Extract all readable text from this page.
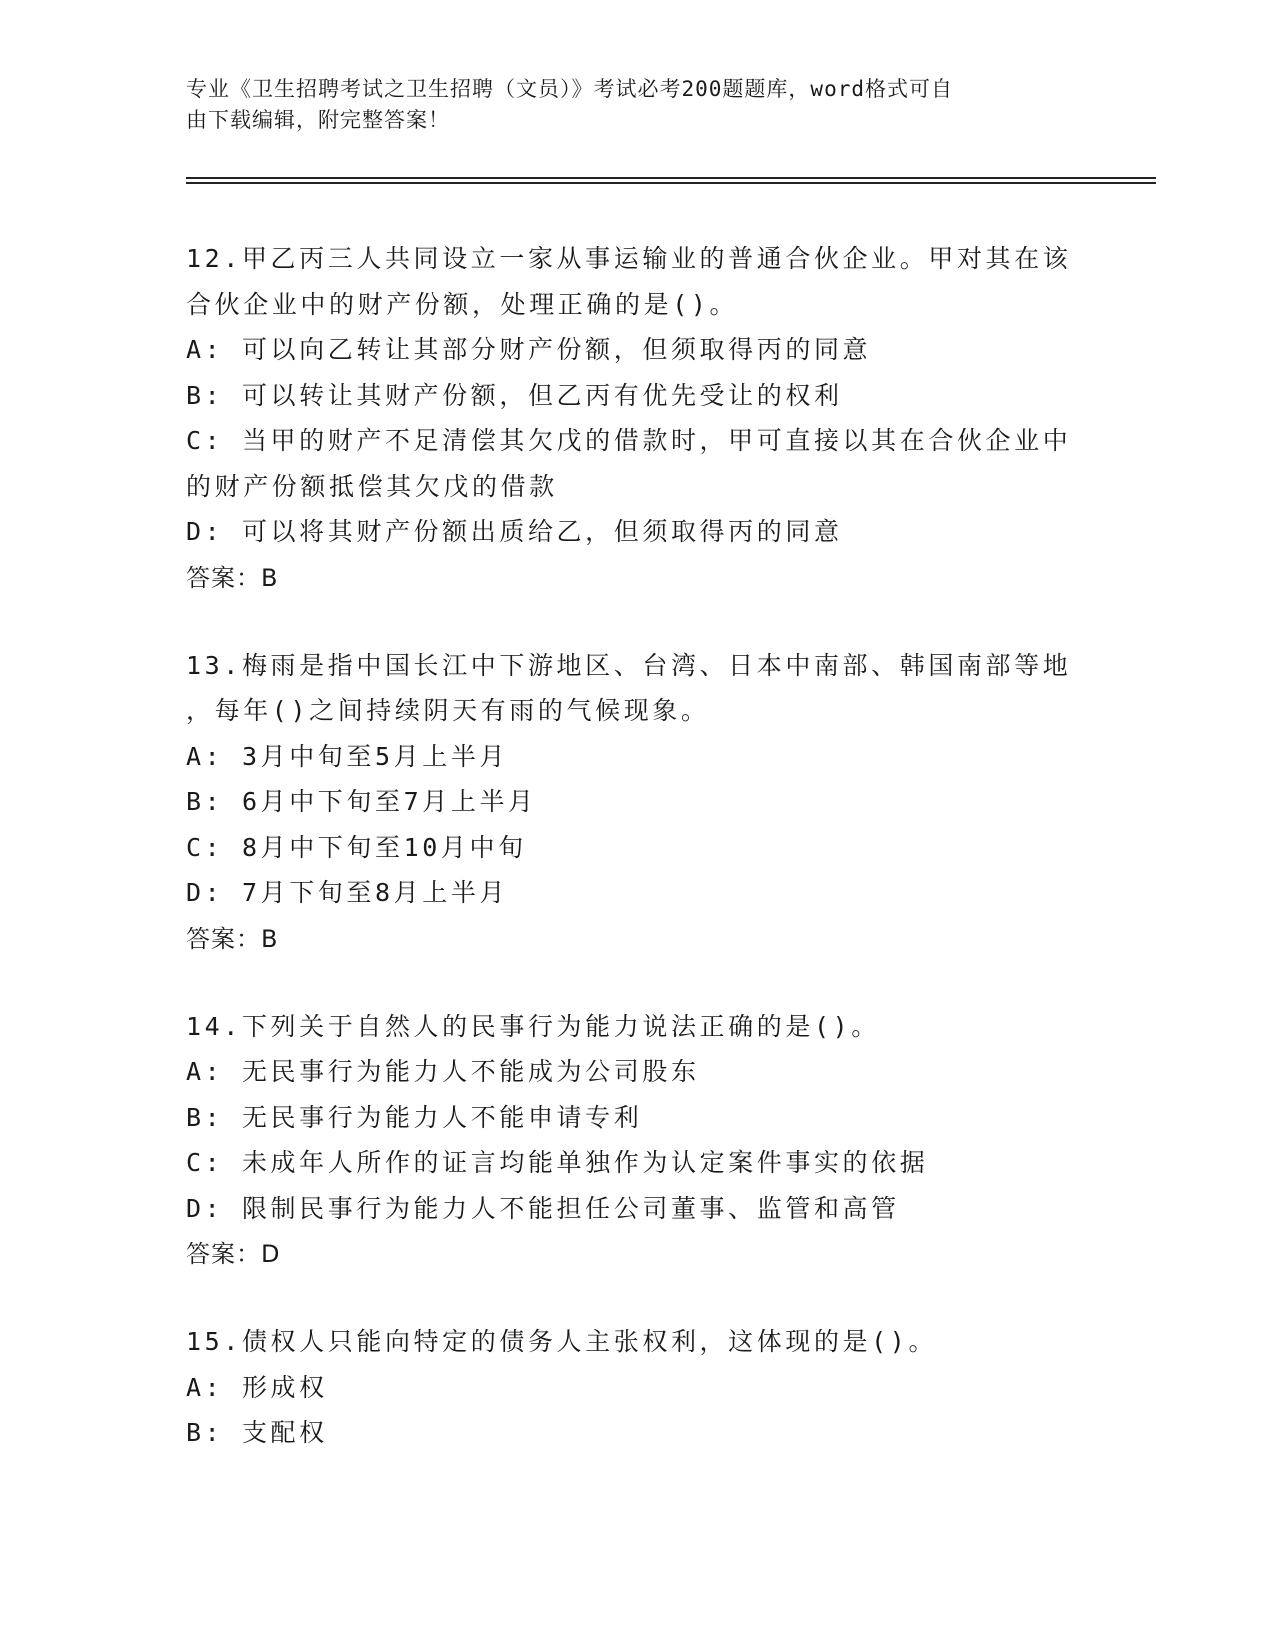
专业《卫生招聘考试之卫生招聘（文员）》考试必考200题题库，word格式可自
由下载编辑，附完整答案！
12.甲乙丙三人共同设立一家从事运输业的普通合伙企业。甲对其在该
合伙企业中的财产份额，处理正确的是()。
A: 可以向乙转让其部分财产份额，但须取得丙的同意
B: 可以转让其财产份额，但乙丙有优先受让的权利
C: 当甲的财产不足清偿其欠戊的借款时，甲可直接以其在合伙企业中
的财产份额抵偿其欠戊的借款
D: 可以将其财产份额出质给乙，但须取得丙的同意
答案：B
13.梅雨是指中国长江中下游地区、台湾、日本中南部、韩国南部等地
，每年()之间持续阴天有雨的气候现象。
A: 3月中旬至5月上半月
B: 6月中下旬至7月上半月
C: 8月中下旬至10月中旬
D: 7月下旬至8月上半月
答案：B
14.下列关于自然人的民事行为能力说法正确的是()。
A: 无民事行为能力人不能成为公司股东
B: 无民事行为能力人不能申请专利
C: 未成年人所作的证言均能单独作为认定案件事实的依据
D: 限制民事行为能力人不能担任公司董事、监管和高管
答案：D
15.债权人只能向特定的债务人主张权利，这体现的是()。
A: 形成权
B: 支配权
